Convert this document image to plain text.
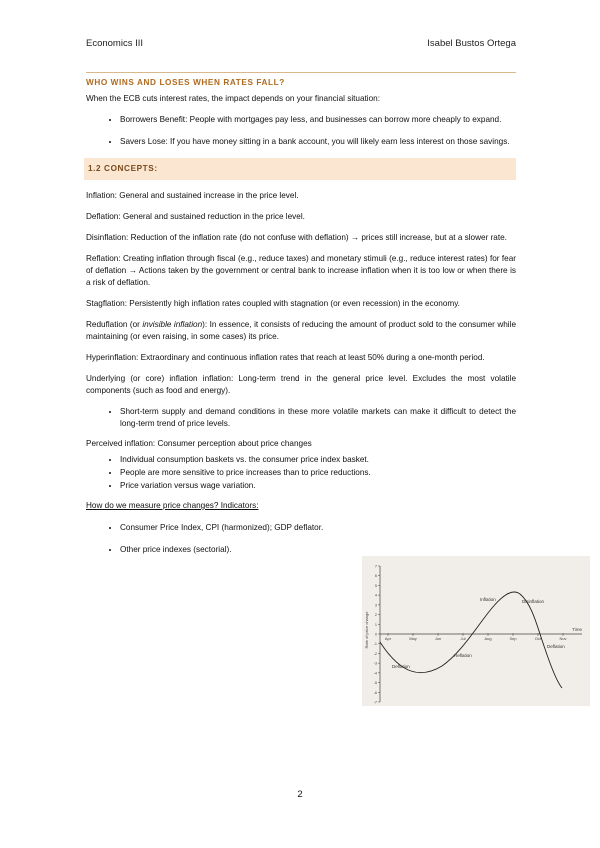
Economics III	Isabel Bustos Ortega
WHO WINS AND LOSES WHEN RATES FALL?

When the ECB cuts interest rates, the impact depends on your financial situation:

• Borrowers Benefit: People with mortgages pay less, and businesses can borrow more cheaply to expand.
• Savers Lose: If you have money sitting in a bank account, you will likely earn less interest on those savings.
1.2 CONCEPTS:

Inflation: General and sustained increase in the price level.

Deflation: General and sustained reduction in the price level.

Disinflation: Reduction of the inflation rate (do not confuse with deflation) → prices still increase, but at a slower rate.

Reflation: Creating inflation through fiscal (e.g., reduce taxes) and monetary stimuli (e.g., reduce interest rates) for fear of deflation → Actions taken by the government or central bank to increase inflation when it is too low or when there is a risk of deflation.

Stagflation: Persistently high inflation rates coupled with stagnation (or even recession) in the economy.

Reduflation (or invisible inflation): In essence, it consists of reducing the amount of product sold to the consumer while maintaining (or even raising, in some cases) its price.

Hyperinflation: Extraordinary and continuous inflation rates that reach at least 50% during a one-month period.

Underlying (or core) inflation inflation: Long-term trend in the general price level. Excludes the most volatile components (such as food and energy).

• Short-term supply and demand conditions in these more volatile markets can make it difficult to detect the long-term trend of price levels.

Perceived inflation: Consumer perception about price changes

• Individual consumption baskets vs. the consumer price index basket.
• People are more sensitive to price increases than to price reductions.
• Price variation versus wage variation.

How do we measure price changes? Indicators:

• Consumer Price Index, CPI (harmonized); GDP deflator.
• Other price indexes (sectorial).
7
6
5
4
3
2
1
0
-1
-2
-3
-4
-5
-6
-7
Apr	May	Jun	Jul	Aug	Sep	Oct	Nov
Rate of price change	Time
Inflation	Disinflation
Deflation
Reflation
Deflation
2
